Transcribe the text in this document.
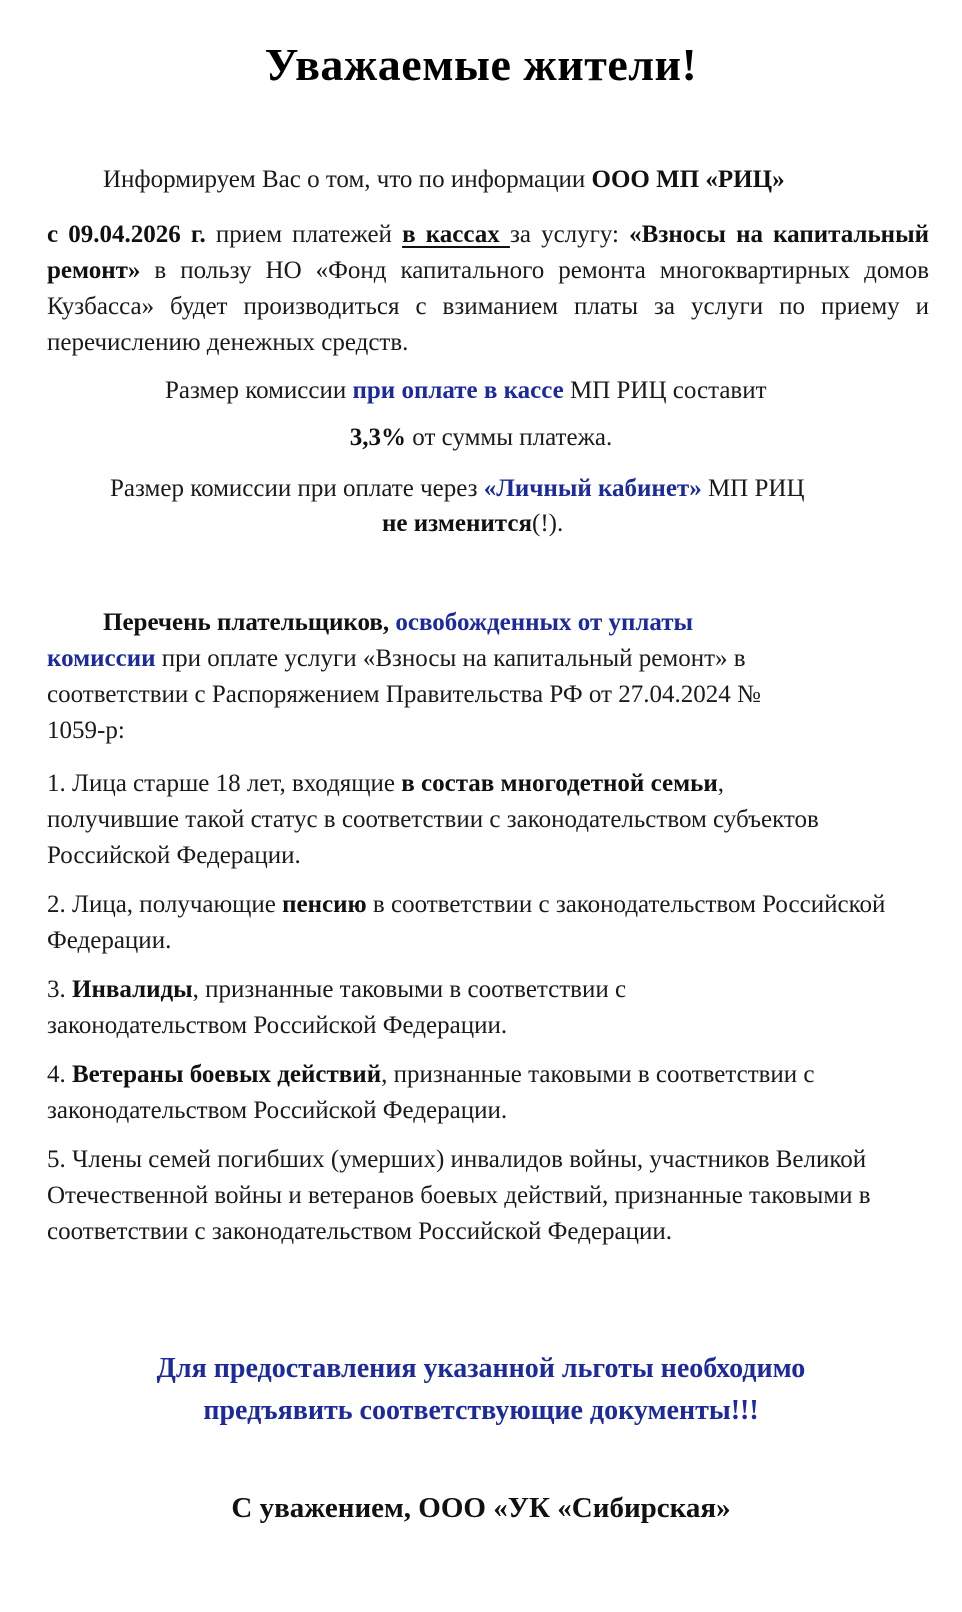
Уважаемые жители!
Информируем Вас о том, что по информации ООО МП «РИЦ»
с 09.04.2026 г. прием платежей в кассах за услугу: «Взносы на капитальный ремонт» в пользу НО «Фонд капитального ремонта многоквартирных домов Кузбасса» будет производиться с взиманием платы за услуги по приему и перечислению денежных средств.
Размер комиссии при оплате в кассе МП РИЦ составит
3,3% от суммы платежа.
Размер комиссии при оплате через «Личный кабинет» МП РИЦ
не изменится(!).
Перечень плательщиков, освобожденных от уплаты
комиссии при оплате услуги «Взносы на капитальный ремонт» в
соответствии с Распоряжением Правительства РФ от 27.04.2024 №
1059-р:
1. Лица старше 18 лет, входящие в состав многодетной семьи, получившие такой статус в соответствии с законодательством субъектов Российской Федерации.
2. Лица, получающие пенсию в соответствии с законодательством Российской Федерации.
3. Инвалиды, признанные таковыми в соответствии с законодательством Российской Федерации.
4. Ветераны боевых действий, признанные таковыми в соответствии с законодательством Российской Федерации.
5. Члены семей погибших (умерших) инвалидов войны, участников Великой Отечественной войны и ветеранов боевых действий, признанные таковыми в соответствии с законодательством Российской Федерации.
Для предоставления указанной льготы необходимо
предъявить соответствующие документы!!!
С уважением, ООО «УК «Сибирская»
